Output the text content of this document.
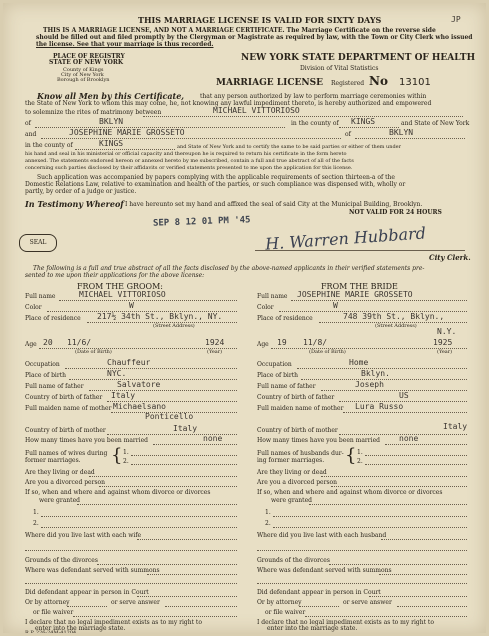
THIS MARRIAGE LICENSE IS VALID FOR SIXTY DAYS	JP
THIS IS A MARRIAGE LICENSE, AND NOT A MARRIAGE CERTIFICATE. The Marriage Certificate on the reverse side
should be filled out and filed promptly by the Clergyman or Magistrate as required by law, with the Town or City Clerk who issued
the license. See that your marriage is thus recorded.
PLACE OF REGISTRY
STATE OF NEW YORK
County of Kings
City of New York
Borough of Brooklyn
NEW YORK STATE DEPARTMENT OF HEALTH
Division of Vital Statistics
MARRIAGE LICENSE Registered No 13101
Know all Men by this Certificate,	that any person authorized by law to perform marriage ceremonies within
the State of New York to whom this may come, he, not knowing any lawful impediment thereto, is hereby authorized and empowered
to solemnize the rites of matrimony between	MICHAEL VITTORIOSO
of	BKLYN	in the county of KINGS	and State of New York
and	JOSEPHINE MARIE GROSSETO	of	BKLYN
in the county of	KINGS	and State of New York and to certify the same to be said parties or either of them under
his hand and seal in his ministerial or official capacity and thereupon he is required to return his certificate in the form hereto
annexed. The statements endorsed hereon or annexed hereto by me subscribed, contain a full and true abstract of all of the facts
concerning such parties disclosed by their affidavits or verified statements presented to me upon the application for this license.
Such application was accompanied by papers complying with the applicable requirements of section thirteen-a of the
Domestic Relations Law, relative to examination and health of the parties, or such compliance was dispensed with, wholly or
partly, by order of a judge or justice.
In Testimony Whereof I have hereunto set my hand and affixed the seal of said City at the Municipal Building, Brooklyn.
NOT VALID FOR 24 HOURS
SEP 8 12 01 PM '45
SEAL	H. Warren Hubbard
City Clerk.
The following is a full and true abstract of all the facts disclosed by the above-named applicants in their verified statements pre-
sented to me upon their applications for the above license:
FROM THE GROOM:	FROM THE BRIDE
Full name	MICHAEL VITTORIOSO
Color	W
Place of residence 217½ 34th St., Bklyn., NY.
(Street Address)
Age 20 11/6/	1924
(Date of Birth)	(Year)
Occupation	Chauffeur
Place of birth	NYC.
Full name of father	Salvatore
Country of birth of father Italy
Full maiden name of mother Michaelsano
Ponticello
Country of birth of mother	Italy
How many times have you been married	none
Full names of wives during
former marriages. { 1.
2.
Are they living or dead
Are you a divorced person
If so, when and where and against whom divorce or divorces
were granted
1.
2.
Where did you live last with each wife
Grounds of the divorces
Where was defendant served with summons
Did defendant appear in person in Court
Or by attorney	or serve answer
or file waiver
I declare that no legal impediment exists as to my right to
enter into the marriage state.
Full name JOSEPHINE MARIE GROSSETO
Color	W
Place of residence	748 39th St., Bklyn.,
(Street Address)
N.Y.
Age 19 11/8/	1925
(Date of Birth)	(Year)
Occupation	Home
Place of birth	Bklyn.
Full name of father	Joseph
Country of birth of father	US
Full maiden name of mother Lura Russo
Country of birth of mother	Italy
How many times have you been married none
Full names of husbands dur-
ing former marriages. { 1.
2.
Are they living or dead
Are you a divorced person
If so, when and where and against whom divorce or divorces
were granted
1.
2.
Where did you live last with each husband
Grounds of the divorces
Where was defendant served with summons
Did defendant appear in person in Court
Or by attorney	or serve answer
or file waiver
I declare that no legal impediment exists as to my right to
enter into the marriage state.
R.P. 226-24M-41204
